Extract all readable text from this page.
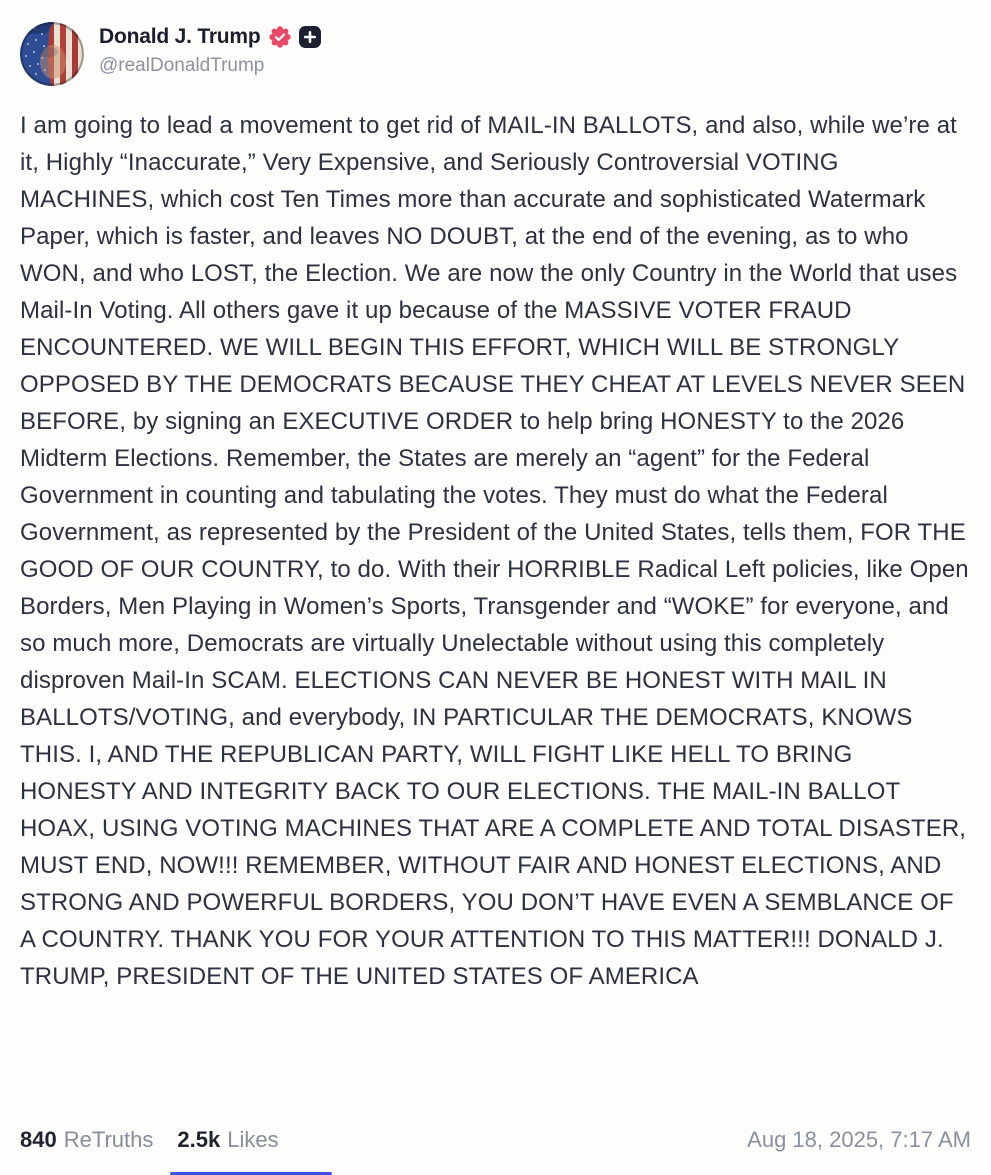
Donald J. Trump
@realDonaldTrump
I am going to lead a movement to get rid of MAIL-IN BALLOTS, and also, while we’re at it, Highly “Inaccurate,” Very Expensive, and Seriously Controversial VOTING MACHINES, which cost Ten Times more than accurate and sophisticated Watermark Paper, which is faster, and leaves NO DOUBT, at the end of the evening, as to who WON, and who LOST, the Election. We are now the only Country in the World that uses Mail-In Voting. All others gave it up because of the MASSIVE VOTER FRAUD ENCOUNTERED. WE WILL BEGIN THIS EFFORT, WHICH WILL BE STRONGLY OPPOSED BY THE DEMOCRATS BECAUSE THEY CHEAT AT LEVELS NEVER SEEN BEFORE, by signing an EXECUTIVE ORDER to help bring HONESTY to the 2026 Midterm Elections. Remember, the States are merely an “agent” for the Federal Government in counting and tabulating the votes. They must do what the Federal Government, as represented by the President of the United States, tells them, FOR THE GOOD OF OUR COUNTRY, to do. With their HORRIBLE Radical Left policies, like Open Borders, Men Playing in Women’s Sports, Transgender and “WOKE” for everyone, and so much more, Democrats are virtually Unelectable without using this completely disproven Mail-In SCAM. ELECTIONS CAN NEVER BE HONEST WITH MAIL IN BALLOTS/VOTING, and everybody, IN PARTICULAR THE DEMOCRATS, KNOWS THIS. I, AND THE REPUBLICAN PARTY, WILL FIGHT LIKE HELL TO BRING HONESTY AND INTEGRITY BACK TO OUR ELECTIONS. THE MAIL-IN BALLOT HOAX, USING VOTING MACHINES THAT ARE A COMPLETE AND TOTAL DISASTER, MUST END, NOW!!! REMEMBER, WITHOUT FAIR AND HONEST ELECTIONS, AND STRONG AND POWERFUL BORDERS, YOU DON’T HAVE EVEN A SEMBLANCE OF A COUNTRY. THANK YOU FOR YOUR ATTENTION TO THIS MATTER!!! DONALD J. TRUMP, PRESIDENT OF THE UNITED STATES OF AMERICA
840 ReTruths 2.5k Likes	Aug 18, 2025, 7:17 AM
